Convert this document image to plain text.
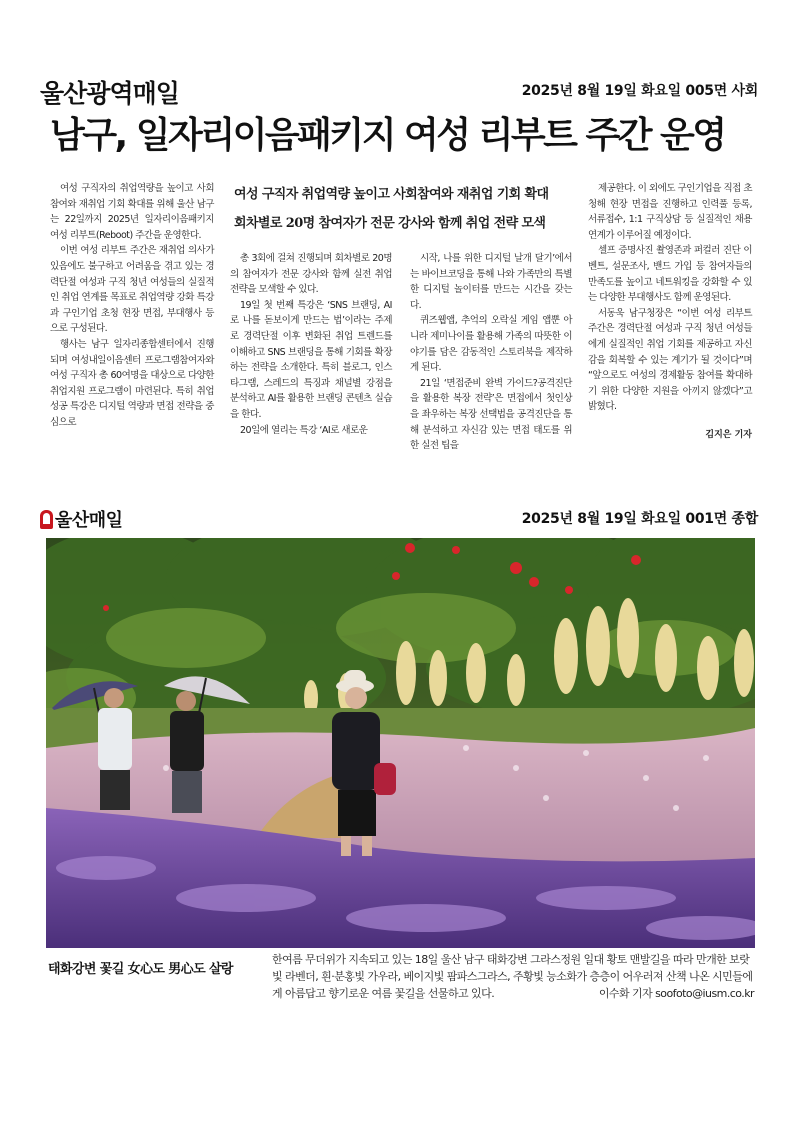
울산광역매일	2025년 8월 19일 화요일 005면 사회
남구, 일자리이음패키지 여성 리부트 주간 운영
여성 구직자 취업역량 높이고 사회참여와 재취업 기회 확대
회차별로 20명 참여자가 전문 강사와 함께 취업 전략 모색

여성 구직자의 취업역량을 높이고 사회참여와 재취업 기회 확대를 위해 울산 남구는 22일까지 2025년 일자리이음패키지 여성 리부트(Reboot) 주간을 운영한다.

이번 여성 리부트 주간은 재취업 의사가 있음에도 불구하고 어려움을 겪고 있는 경력단절 여성과 구직 청년 여성들의 실질적인 취업 연계를 목표로 취업역량 강화 특강과 구인기업 초청 현장 면접, 부대행사 등으로 구성된다.

행사는 남구 일자리종합센터에서 진행되며 여성내일이음센터 프로그램참여자와 여성 구직자 총 60여명을 대상으로 다양한 취업지원 프로그램이 마련된다. 특히 취업성공 특강은 디지털 역량과 면접 전략을 중심으로

총 3회에 걸쳐 진행되며 회차별로 20명의 참여자가 전문 강사와 함께 실전 취업 전략을 모색할 수 있다.

19일 첫 번째 특강은 ‘SNS 브랜딩, AI로 나를 돋보이게 만드는 법’이라는 주제로 경력단절 이후 변화된 취업 트렌드를 이해하고 SNS 브랜딩을 통해 기회를 확장하는 전략을 소개한다. 특히 블로그, 인스타그램, 스레드의 특징과 채널별 강점을 분석하고 AI를 활용한 브랜딩 콘텐츠 실습을 한다.

20일에 열리는 특강 ‘AI로 새로운

시작, 나를 위한 디지털 날개 달기’에서는 바이브코딩을 통해 나와 가족만의 특별한 디지털 놀이터를 만드는 시간을 갖는다.

퀴즈웹앱, 추억의 오락실 게임 앱뿐 아니라 제미나이를 활용해 가족의 따뜻한 이야기를 담은 감동적인 스토리북을 제작하게 된다.

21일 ‘면접준비 완벽 가이드?공격진단을 활용한 복장 전략’은 면접에서 첫인상을 좌우하는 복장 선택법을 공격진단을 통해 분석하고 자신감 있는 면접 태도를 위한 실전 팁을

제공한다. 이 외에도 구인기업을 직접 초청해 현장 면접을 진행하고 인력풀 등록, 서류접수, 1:1 구직상담 등 실질적인 채용 연계가 이루어질 예정이다.

셀프 증명사진 촬영존과 퍼컬러 진단 이벤트, 설문조사, 밴드 가입 등 참여자들의 만족도를 높이고 네트워킹을 강화할 수 있는 다양한 부대행사도 함께 운영된다.

서동욱 남구청장은 “이번 여성 리부트 주간은 경력단절 여성과 구직 청년 여성들에게 실질적인 취업 기회를 제공하고 자신감을 회복할 수 있는 계기가 될 것이다”며 “앞으로도 여성의 경제활동 참여를 확대하기 위한 다양한 지원을 아끼지 않겠다”고 밝혔다.

김지은 기자
울산매일	2025년 8월 19일 화요일 001면 종합
태화강변 꽃길 女心도 男心도 살랑
한여름 무더위가 지속되고 있는 18일 울산 남구 태화강변 그라스정원 일대 황토 맨발길을 따라 만개한 보랏빛 라벤더, 흰·분홍빛 가우라, 베이지빛 팜파스그라스, 주황빛 능소화가 층층이 어우러져 산책 나온 시민들에게 아름답고 향기로운 여름 꽃길을 선물하고 있다.	이수화 기자 soofoto@iusm.co.kr
